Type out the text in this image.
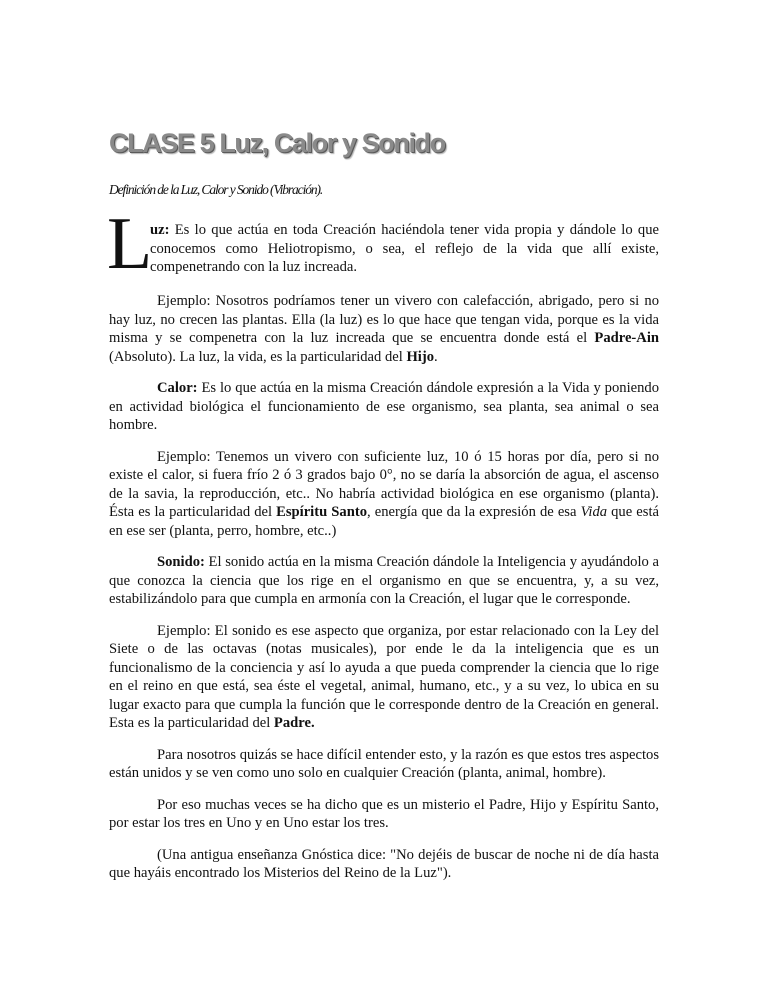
CLASE 5 Luz, Calor y Sonido

Definición de la Luz, Calor y Sonido (Vibración).

L

uz: Es lo que actúa en toda Creación haciéndola tener vida propia y dándole lo que conocemos como Heliotropismo, o sea, el reflejo de la vida que allí existe, compenetrando con la luz increada.

Ejemplo: Nosotros podríamos tener un vivero con calefacción, abrigado, pero si no hay luz, no crecen las plantas. Ella (la luz) es lo que hace que tengan vida, porque es la vida misma y se compenetra con la luz increada que se encuentra donde está el Padre-Ain (Absoluto). La luz, la vida, es la particularidad del Hijo.

Calor: Es lo que actúa en la misma Creación dándole expresión a la Vida y poniendo en actividad biológica el funcionamiento de ese organismo, sea planta, sea animal o sea hombre.

Ejemplo: Tenemos un vivero con suficiente luz, 10 ó 15 horas por día, pero si no existe el calor, si fuera frío 2 ó 3 grados bajo 0°, no se daría la absorción de agua, el ascenso de la savia, la reproducción, etc.. No habría actividad biológica en ese organismo (planta). Ésta es la particularidad del Espíritu Santo, energía que da la expresión de esa Vida que está en ese ser (planta, perro, hombre, etc..)

Sonido: El sonido actúa en la misma Creación dándole la Inteligencia y ayudándolo a que conozca la ciencia que los rige en el organismo en que se encuentra, y, a su vez, estabilizándolo para que cumpla en armonía con la Creación, el lugar que le corresponde.

Ejemplo: El sonido es ese aspecto que organiza, por estar relacionado con la Ley del Siete o de las octavas (notas musicales), por ende le da la inteligencia que es un funcionalismo de la conciencia y así lo ayuda a que pueda comprender la ciencia que lo rige en el reino en que está, sea éste el vegetal, animal, humano, etc., y a su vez, lo ubica en su lugar exacto para que cumpla la función que le corresponde dentro de la Creación en general. Esta es la particularidad del Padre.

Para nosotros quizás se hace difícil entender esto, y la razón es que estos tres aspectos están unidos y se ven como uno solo en cualquier Creación (planta, animal, hombre).

Por eso muchas veces se ha dicho que es un misterio el Padre, Hijo y Espíritu Santo, por estar los tres en Uno y en Uno estar los tres.

(Una antigua enseñanza Gnóstica dice: "No dejéis de buscar de noche ni de día hasta que hayáis encontrado los Misterios del Reino de la Luz").
